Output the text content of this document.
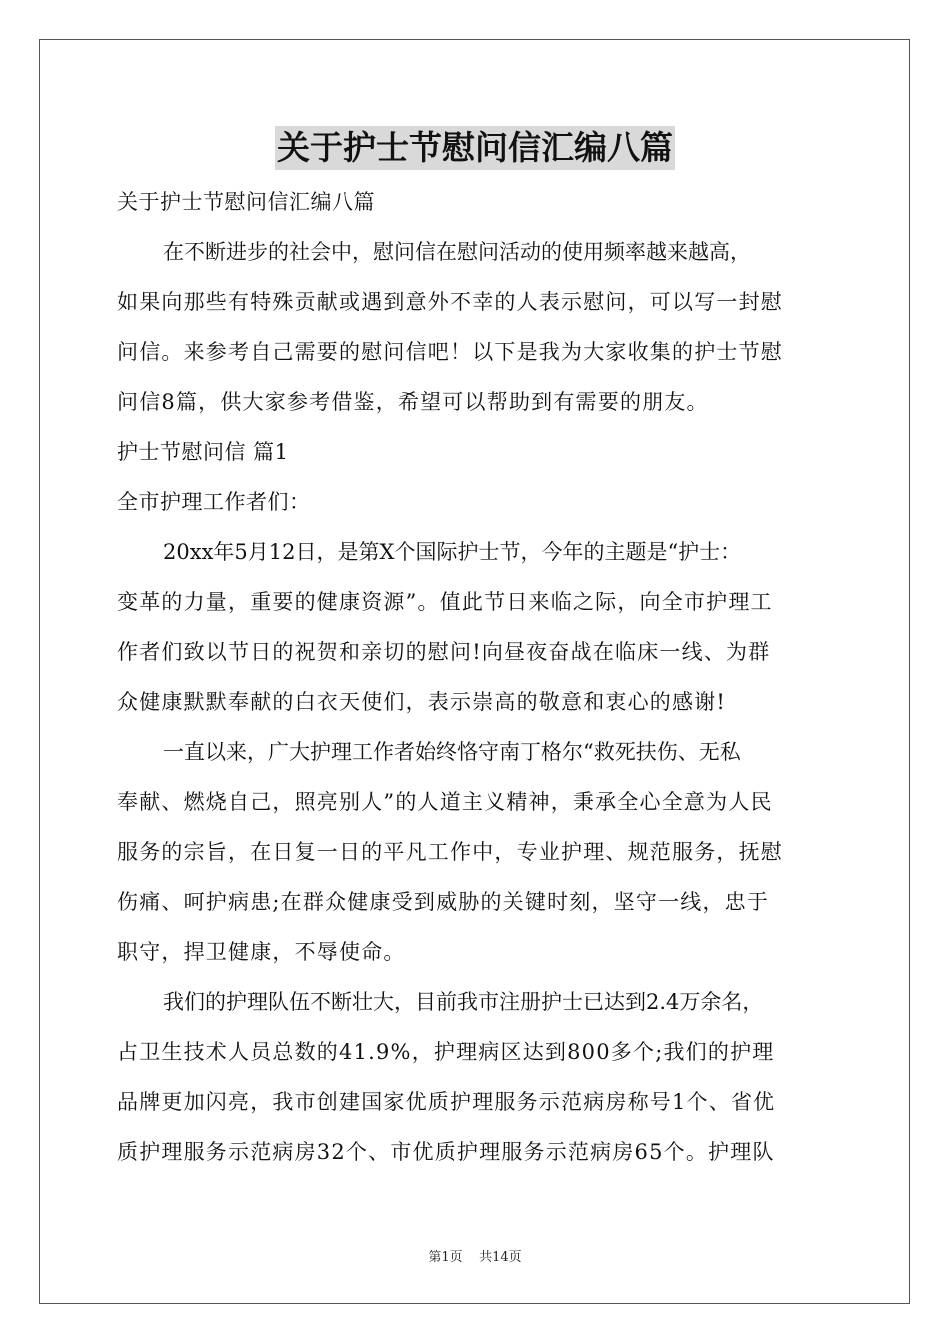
关于护士节慰问信汇编八篇
关于护士节慰问信汇编八篇
在不断进步的社会中，慰问信在慰问活动的使用频率越来越高，
如果向那些有特殊贡献或遇到意外不幸的人表示慰问，可以写一封慰
问信。来参考自己需要的慰问信吧！以下是我为大家收集的护士节慰
问信8篇，供大家参考借鉴，希望可以帮助到有需要的朋友。
护士节慰问信 篇1
全市护理工作者们：
20xx年5月12日，是第X个国际护士节，今年的主题是“护士：
变革的力量，重要的健康资源”。值此节日来临之际，向全市护理工
作者们致以节日的祝贺和亲切的慰问!向昼夜奋战在临床一线、为群
众健康默默奉献的白衣天使们，表示崇高的敬意和衷心的感谢!
一直以来，广大护理工作者始终恪守南丁格尔“救死扶伤、无私
奉献、燃烧自己，照亮别人”的人道主义精神，秉承全心全意为人民
服务的宗旨，在日复一日的平凡工作中，专业护理、规范服务，抚慰
伤痛、呵护病患;在群众健康受到威胁的关键时刻，坚守一线，忠于
职守，捍卫健康，不辱使命。
我们的护理队伍不断壮大，目前我市注册护士已达到2.4万余名，
占卫生技术人员总数的41.9%，护理病区达到800多个;我们的护理
品牌更加闪亮，我市创建国家优质护理服务示范病房称号1个、省优
质护理服务示范病房32个、市优质护理服务示范病房65个。护理队
第1页 共14页
